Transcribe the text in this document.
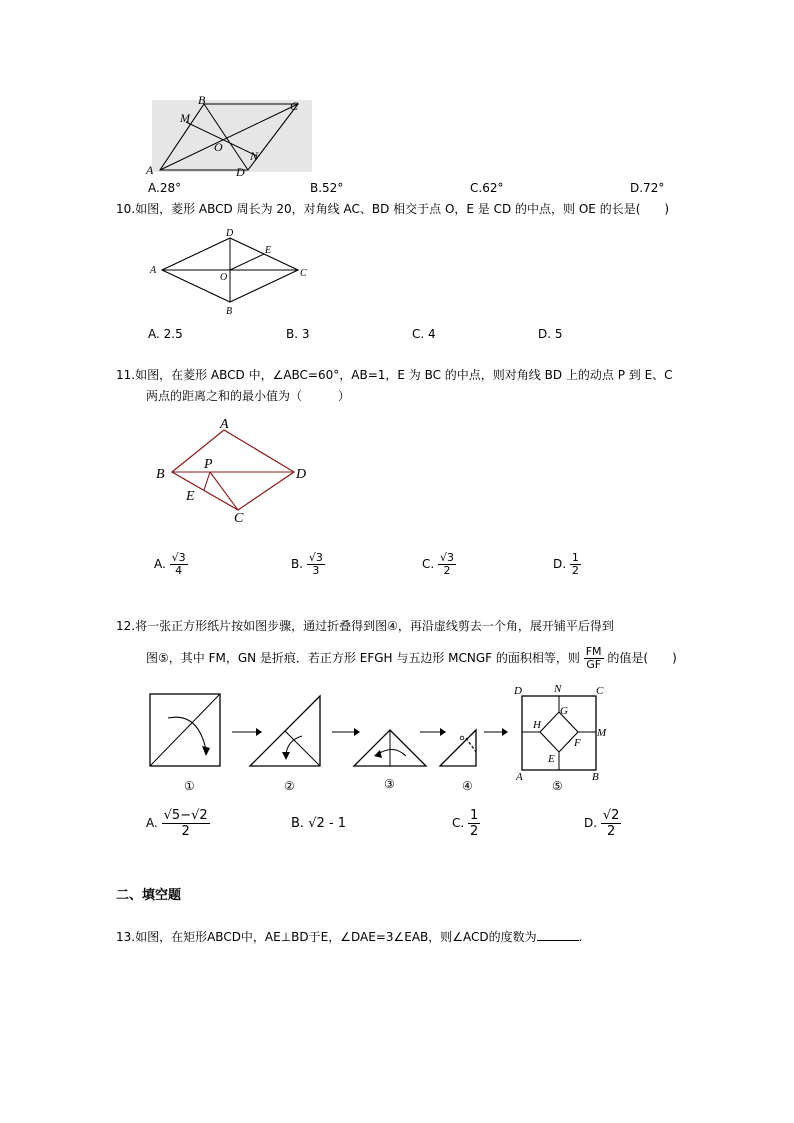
B	C
M
O
N
A	D
A.28°	B.52°	C.62°	D.72°
10.如图，菱形 ABCD 周长为 20，对角线 AC、BD 相交于点 O，E 是 CD 的中点，则 OE 的长是(　　)
D
E
A
O	C
B
A. 2.5	B. 3	C. 4	D. 5
11.如图，在菱形 ABCD 中，∠ABC=60°，AB=1，E 为 BC 的中点，则对角线 BD 上的动点 P 到 E、C
两点的距离之和的最小值为（　　　）
A
P
B	D
E
C
A. $\frac{√3}{4}$	B. $\frac{√3}{3}$	C. $\frac{√3}{2}$	D. $\frac{1}{2}$
12.将一张正方形纸片按如图步骤，通过折叠得到图④，再沿虚线剪去一个角，展开铺平后得到
图⑤，其中 FM，GN 是折痕．若正方形 EFGH 与五边形 MCNGF 的面积相等，则 $\frac{FM}{GF}$ 的值是(　　)
D	N	C
G
H
M
F
E
A	B
①	②	③	④	⑤
A. $\frac{√5-√2}{2}$	B. √2 - 1	C. $\frac{1}{2}$	D. $\frac{√2}{2}$
二、填空题
13.如图，在矩形ABCD中，AE⊥BD于E，∠DAE=3∠EAB，则∠ACD的度数为	.
